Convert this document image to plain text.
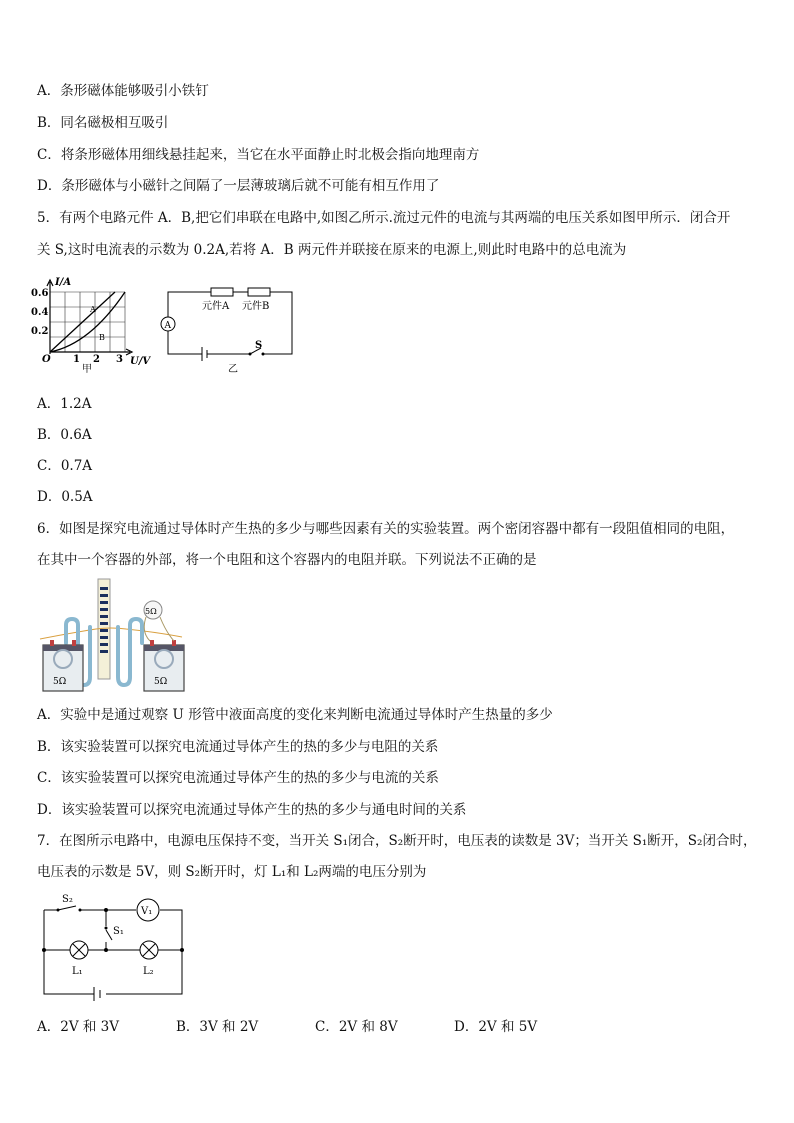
A．条形磁体能够吸引小铁钉
B．同名磁极相互吸引
C．将条形磁体用细线悬挂起来，当它在水平面静止时北极会指向地理南方
D．条形磁体与小磁针之间隔了一层薄玻璃后就不可能有相互作用了
5．有两个电路元件 A．B,把它们串联在电路中,如图乙所示.流过元件的电流与其两端的电压关系如图甲所示．闭合开
关 S,这时电流表的示数为 0.2A,若将 A．B 两元件并联接在原来的电源上,则此时电路中的总电流为
I/A
0.6
0.4
0.2
O 1 2 3 U/V
甲
A
B
A
元件A 元件B
S
乙
A．1.2A
B．0.6A
C．0.7A
D．0.5A
6．如图是探究电流通过导体时产生热的多少与哪些因素有关的实验装置。两个密闭容器中都有一段阻值相同的电阻，
在其中一个容器的外部，将一个电阻和这个容器内的电阻并联。下列说法不正确的是
5Ω
5Ω	5Ω
A．实验中是通过观察 U 形管中液面高度的变化来判断电流通过导体时产生热量的多少
B．该实验装置可以探究电流通过导体产生的热的多少与电阻的关系
C．该实验装置可以探究电流通过导体产生的热的多少与电流的关系
D．该实验装置可以探究电流通过导体产生的热的多少与通电时间的关系
7．在图所示电路中，电源电压保持不变，当开关 S₁闭合，S₂断开时，电压表的读数是 3V；当开关 S₁断开，S₂闭合时，
电压表的示数是 5V，则 S₂断开时，灯 L₁和 L₂两端的电压分别为
V₁
S₂
S₁
L₁	L₂
A．2V 和 3V	B．3V 和 2V	C．2V 和 8V	D．2V 和 5V
